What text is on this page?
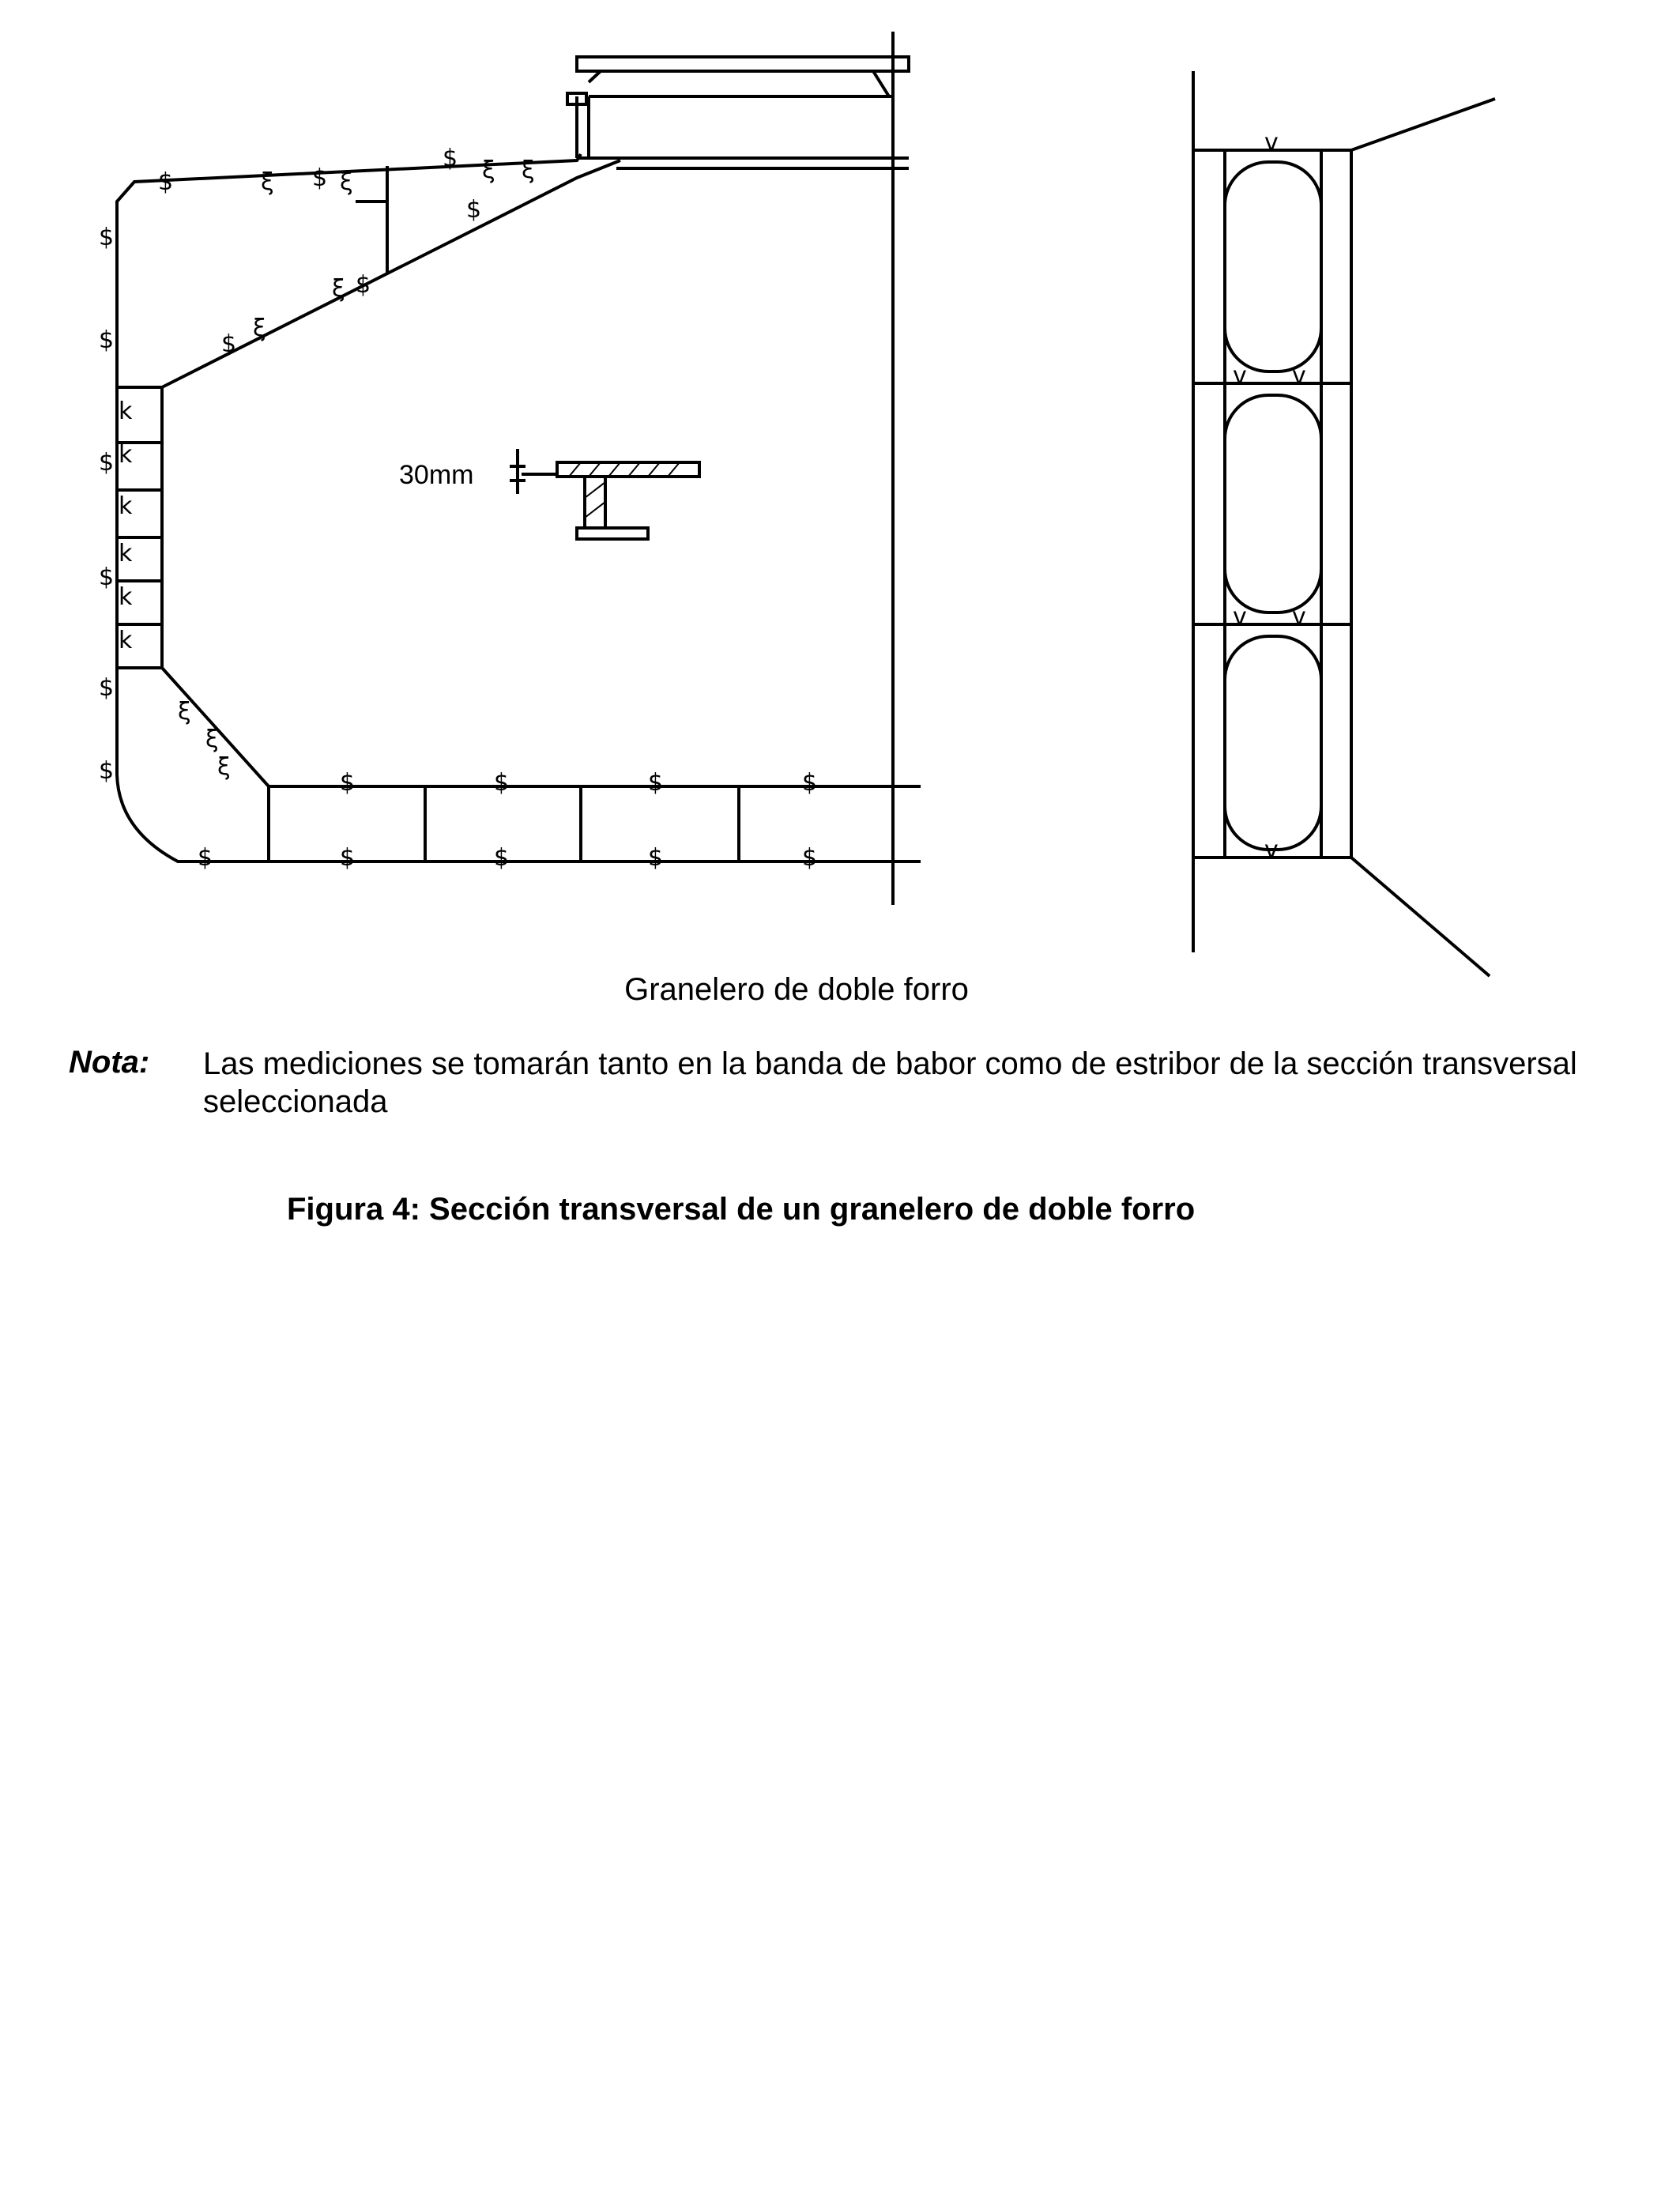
$	ξ $ ξ
$ ξ ξ
ξ $
ξ
$
$
$
$
$
$
$
$
$
$	$	$	$
$	$	$	$
k
k
k
k
k
k
ξ
ξ
ξ
30mm
v
v v
v v
v
Granelero de doble forro
Nota: Las mediciones se tomarán tanto en la banda de babor como de estribor de la sección transversal seleccionada
Figura 4: Sección transversal de un granelero de doble forro
